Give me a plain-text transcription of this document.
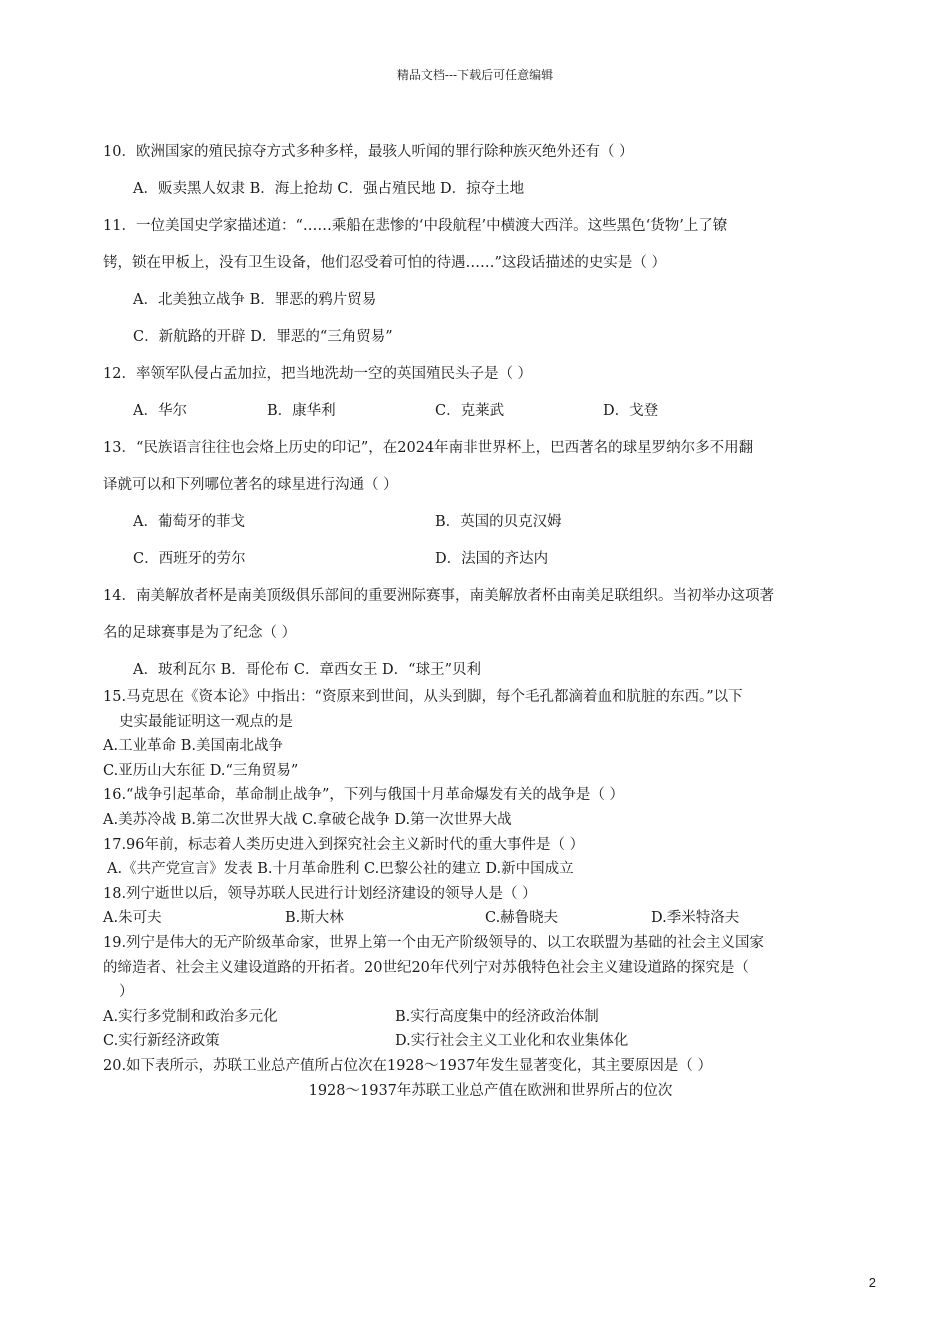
精品文档---下载后可任意编辑
10．欧洲国家的殖民掠夺方式多种多样，最骇人听闻的罪行除种族灭绝外还有（ ）
A．贩卖黑人奴隶 B．海上抢劫 C．强占殖民地 D．掠夺土地
11．一位美国史学家描述道：“……乘船在悲惨的‘中段航程’中横渡大西洋。这些黑色‘货物’上了镣
铐，锁在甲板上，没有卫生设备，他们忍受着可怕的待遇……”这段话描述的史实是（ ）
A．北美独立战争 B．罪恶的鸦片贸易
C．新航路的开辟 D．罪恶的“三角贸易”
12．率领军队侵占孟加拉，把当地洗劫一空的英国殖民头子是（ ）
A．华尔	B．康华利	C．克莱武	D．戈登
13．“民族语言往往也会烙上历史的印记”，在2024年南非世界杯上，巴西著名的球星罗纳尔多不用翻
译就可以和下列哪位著名的球星进行沟通（ ）
A．葡萄牙的菲戈	B．英国的贝克汉姆
C．西班牙的劳尔	D．法国的齐达内
14．南美解放者杯是南美顶级俱乐部间的重要洲际赛事，南美解放者杯由南美足联组织。当初举办这项著
名的足球赛事是为了纪念（ ）
A．玻利瓦尔 B．哥伦布 C．章西女王 D．“球王”贝利
15.马克思在《资本论》中指出：“资原来到世间，从头到脚，每个毛孔都滴着血和肮脏的东西。”以下
史实最能证明这一观点的是
A.工业革命 B.美国南北战争
C.亚历山大东征 D.“三角贸易”
16.“战争引起革命，革命制止战争”，下列与俄国十月革命爆发有关的战争是（ ）
A.美苏冷战 B.第二次世界大战 C.拿破仑战争 D.第一次世界大战
17.96年前，标志着人类历史进入到探究社会主义新时代的重大事件是（ ）
A.《共产党宣言》发表 B.十月革命胜利 C.巴黎公社的建立 D.新中国成立
18.列宁逝世以后，领导苏联人民进行计划经济建设的领导人是（ ）
A.朱可夫	B.斯大林	C.赫鲁晓夫	D.季米特洛夫
19.列宁是伟大的无产阶级革命家，世界上第一个由无产阶级领导的、以工农联盟为基础的社会主义国家
的缔造者、社会主义建设道路的开拓者。20世纪20年代列宁对苏俄特色社会主义建设道路的探究是（
）
A.实行多党制和政治多元化	B.实行高度集中的经济政治体制
C.实行新经济政策	D.实行社会主义工业化和农业集体化
20.如下表所示，苏联工业总产值所占位次在1928～1937年发生显著变化，其主要原因是（ ）
1928～1937年苏联工业总产值在欧洲和世界所占的位次
2
